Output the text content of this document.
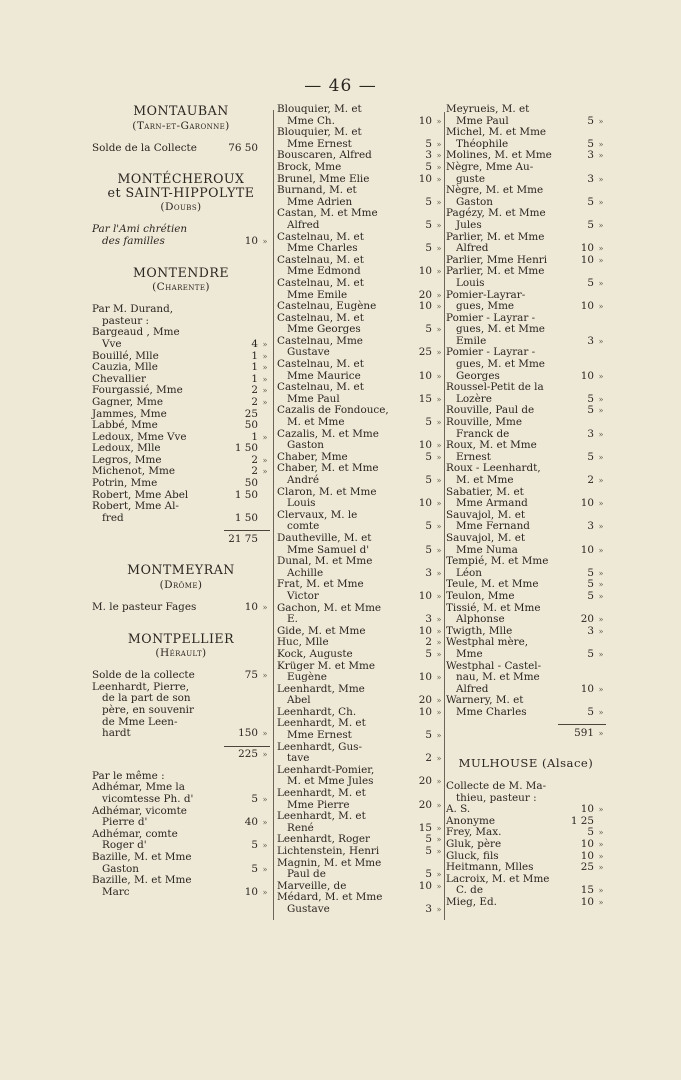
— 46 —
MONTAUBAN
(Tarn-et-Garonne)
Solde de la Collecte	76 50
MONTÉCHEROUX
et SAINT-HIPPOLYTE
(Doubs)
Par l'Ami chrétien
des familles	10 »
MONTENDRE
(Charente)
Par M. Durand,
pasteur :
Bargeaud , Mme
Vve	4 »
Bouillé, Mlle	1 »
Cauzia, Mlle	1 »
Chevallier	1 »
Fourgassié, Mme	2 »
Gagner, Mme	2 »
Jammes, Mme	25
Labbé, Mme	50
Ledoux, Mme Vve	1 »
Ledoux, Mlle	1 50
Legros, Mme	2 »
Michenot, Mme	2 »
Potrin, Mme	50
Robert, Mme Abel	1 50
Robert, Mme Al-
fred	1 50
21 75
MONTMEYRAN
(Drôme)
M. le pasteur Fages	10 »
MONTPELLIER
(Hérault)
Solde de la collecte	75 »
Leenhardt, Pierre,
de la part de son
père, en souvenir
de Mme Leen-
hardt	150 »
225 »
Par le même :
Adhémar, Mme la
vicomtesse Ph. d'	5 »
Adhémar, vicomte
Pierre d'	40 »
Adhémar, comte
Roger d'	5 »
Bazille, M. et Mme
Gaston	5 »
Bazille, M. et Mme
Marc	10 »
Blouquier, M. et
Mme Ch.	10 »
Blouquier, M. et
Mme Ernest	5 »
Bouscaren, Alfred	3 »
Brock, Mme	5 »
Brunel, Mme Elie	10 »
Burnand, M. et
Mme Adrien	5 »
Castan, M. et Mme
Alfred	5 »
Castelnau, M. et
Mme Charles	5 »
Castelnau, M. et
Mme Edmond	10 »
Castelnau, M. et
Mme Emile	20 »
Castelnau, Eugène	10 »
Castelnau, M. et
Mme Georges	5 »
Castelnau, Mme
Gustave	25 »
Castelnau, M. et
Mme Maurice	10 »
Castelnau, M. et
Mme Paul	15 »
Cazalis de Fondouce,
M. et Mme	5 »
Cazalis, M. et Mme
Gaston	10 »
Chaber, Mme	5 »
Chaber, M. et Mme
André	5 »
Claron, M. et Mme
Louis	10 »
Clervaux, M. le
comte	5 »
Dautheville, M. et
Mme Samuel d'	5 »
Dunal, M. et Mme
Achille	3 »
Frat, M. et Mme
Victor	10 »
Gachon, M. et Mme
E.	3 »
Gide, M. et Mme	10 »
Huc, Mlle	2 »
Kock, Auguste	5 »
Krüger M. et Mme
Eugène	10 »
Leenhardt, Mme
Abel	20 »
Leenhardt, Ch.	10 »
Leenhardt, M. et
Mme Ernest	5 »
Leenhardt, Gus-
tave	2 »
Leenhardt-Pomier,
M. et Mme Jules	20 »
Leenhardt, M. et
Mme Pierre	20 »
Leenhardt, M. et
René	15 »
Leenhardt, Roger	5 »
Lichtenstein, Henri	5 »
Magnin, M. et Mme
Paul de	5 »
Marveille, de	10 »
Médard, M. et Mme
Gustave	3 »
Meyrueis, M. et
Mme Paul	5 »
Michel, M. et Mme
Théophile	5 »
Molines, M. et Mme	3 »
Nègre, Mme Au-
guste	3 »
Nègre, M. et Mme
Gaston	5 »
Pagézy, M. et Mme
Jules	5 »
Parlier, M. et Mme
Alfred	10 »
Parlier, Mme Henri	10 »
Parlier, M. et Mme
Louis	5 »
Pomier-Layrar-
gues, Mme	10 »
Pomier - Layrar -
gues, M. et Mme
Emile	3 »
Pomier - Layrar -
gues, M. et Mme
Georges	10 »
Roussel-Petit de la
Lozère	5 »
Rouville, Paul de	5 »
Rouville, Mme
Franck de	3 »
Roux, M. et Mme
Ernest	5 »
Roux - Leenhardt,
M. et Mme	2 »
Sabatier, M. et
Mme Armand	10 »
Sauvajol, M. et
Mme Fernand	3 »
Sauvajol, M. et
Mme Numa	10 »
Tempié, M. et Mme
Léon	5 »
Teule, M. et Mme	5 »
Teulon, Mme	5 »
Tissié, M. et Mme
Alphonse	20 »
Twigth, Mlle	3 »
Westphal mère,
Mme	5 »
Westphal - Castel-
nau, M. et Mme
Alfred	10 »
Warnery, M. et
Mme Charles	5 »
591 »
MULHOUSE (Alsace)
Collecte de M. Ma-
thieu, pasteur :
A. S.	10 »
Anonyme	1 25
Frey, Max.	5 »
Gluk, père	10 »
Gluck, fils	10 »
Heitmann, Mlles	25 »
Lacroix, M. et Mme
C. de	15 »
Mieg, Ed.	10 »
